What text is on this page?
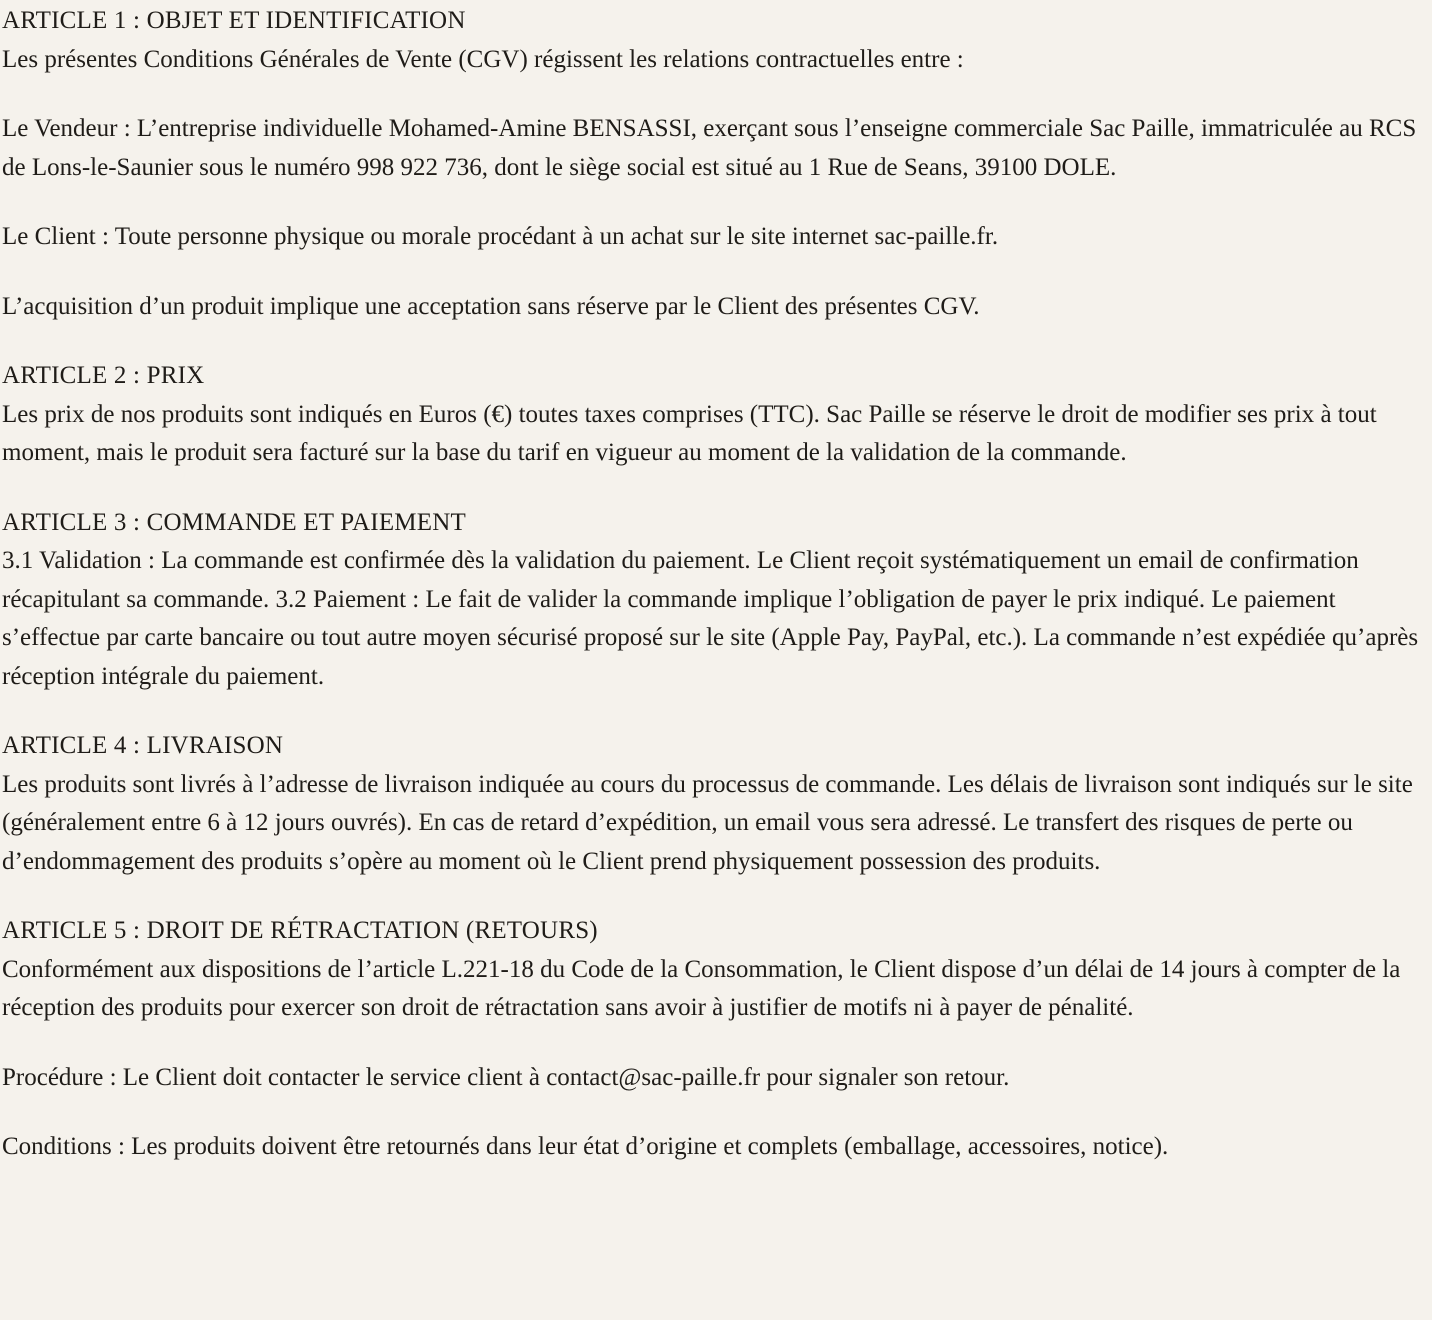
ARTICLE 1 : OBJET ET IDENTIFICATION

Les présentes Conditions Générales de Vente (CGV) régissent les relations contractuelles entre :

Le Vendeur : L’entreprise individuelle Mohamed-Amine BENSASSI, exerçant sous l’enseigne commerciale Sac Paille, immatriculée au RCS de Lons-le-Saunier sous le numéro 998 922 736, dont le siège social est situé au 1 Rue de Seans, 39100 DOLE.

Le Client : Toute personne physique ou morale procédant à un achat sur le site internet sac-paille.fr.

L’acquisition d’un produit implique une acceptation sans réserve par le Client des présentes CGV.

ARTICLE 2 : PRIX

Les prix de nos produits sont indiqués en Euros (€) toutes taxes comprises (TTC). Sac Paille se réserve le droit de modifier ses prix à tout moment, mais le produit sera facturé sur la base du tarif en vigueur au moment de la validation de la commande.

ARTICLE 3 : COMMANDE ET PAIEMENT

3.1 Validation : La commande est confirmée dès la validation du paiement. Le Client reçoit systématiquement un email de confirmation récapitulant sa commande. 3.2 Paiement : Le fait de valider la commande implique l’obligation de payer le prix indiqué. Le paiement s’effectue par carte bancaire ou tout autre moyen sécurisé proposé sur le site (Apple Pay, PayPal, etc.). La commande n’est expédiée qu’après réception intégrale du paiement.

ARTICLE 4 : LIVRAISON

Les produits sont livrés à l’adresse de livraison indiquée au cours du processus de commande. Les délais de livraison sont indiqués sur le site (généralement entre 6 à 12 jours ouvrés). En cas de retard d’expédition, un email vous sera adressé. Le transfert des risques de perte ou d’endommagement des produits s’opère au moment où le Client prend physiquement possession des produits.

ARTICLE 5 : DROIT DE RÉTRACTATION (RETOURS)

Conformément aux dispositions de l’article L.221-18 du Code de la Consommation, le Client dispose d’un délai de 14 jours à compter de la réception des produits pour exercer son droit de rétractation sans avoir à justifier de motifs ni à payer de pénalité.

Procédure : Le Client doit contacter le service client à contact@sac-paille.fr pour signaler son retour.

Conditions : Les produits doivent être retournés dans leur état d’origine et complets (emballage, accessoires, notice).
